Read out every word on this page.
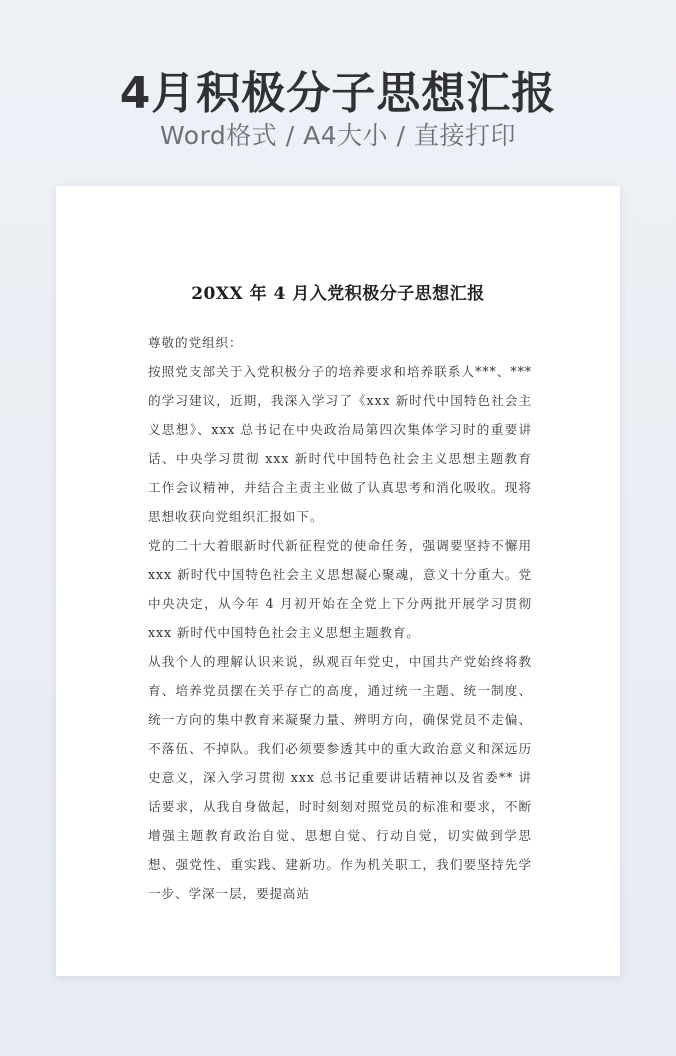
4月积极分子思想汇报
Word格式 / A4大小 / 直接打印
20XX 年 4 月入党积极分子思想汇报

尊敬的党组织：

按照党支部关于入党积极分子的培养要求和培养联系人***、***的学习建议，近期，我深入学习了《xxx 新时代中国特色社会主义思想》、xxx 总书记在中央政治局第四次集体学习时的重要讲话、中央学习贯彻 xxx 新时代中国特色社会主义思想主题教育工作会议精神，并结合主责主业做了认真思考和消化吸收。现将思想收获向党组织汇报如下。

党的二十大着眼新时代新征程党的使命任务，强调要坚持不懈用 xxx 新时代中国特色社会主义思想凝心聚魂，意义十分重大。党中央决定，从今年 4 月初开始在全党上下分两批开展学习贯彻 xxx 新时代中国特色社会主义思想主题教育。

从我个人的理解认识来说，纵观百年党史，中国共产党始终将教育、培养党员摆在关乎存亡的高度，通过统一主题、统一制度、统一方向的集中教育来凝聚力量、辨明方向，确保党员不走偏、不落伍、不掉队。我们必须要参透其中的重大政治意义和深远历史意义，深入学习贯彻 xxx 总书记重要讲话精神以及省委** 讲话要求，从我自身做起，时时刻刻对照党员的标准和要求，不断增强主题教育政治自觉、思想自觉、行动自觉，切实做到学思想、强党性、重实践、建新功。作为机关职工，我们要坚持先学一步、学深一层，要提高站
